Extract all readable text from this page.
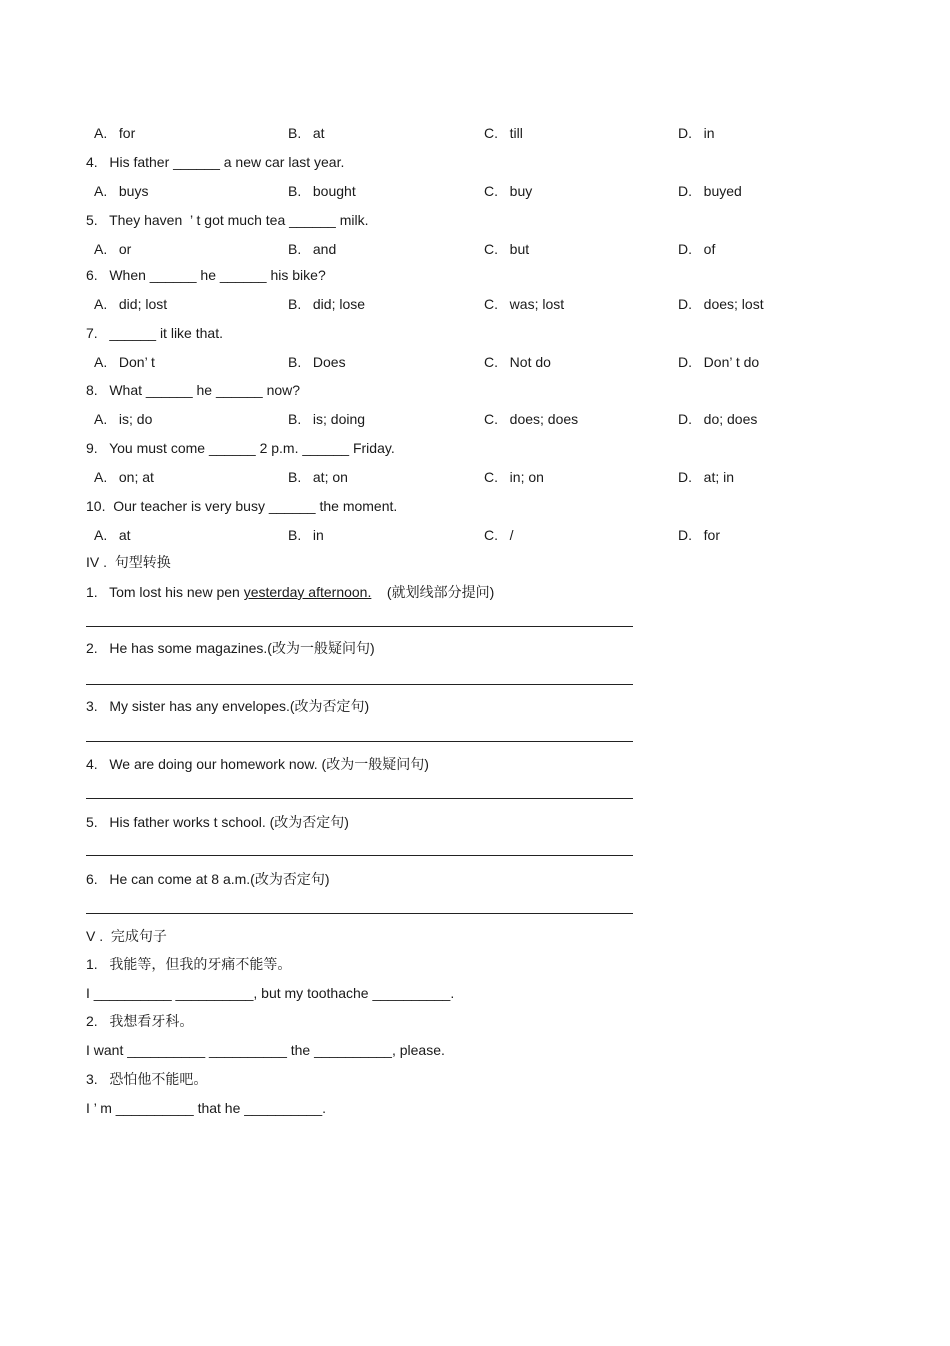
A.   for	B.   at	C.   till	D.   in
4.   His father ______ a new car last year.
A.   buys	B.   bought	C.   buy	D.   buyed
5.   They haven  ’ t got much tea ______ milk.
A.   or	B.   and	C.   but	D.   of
6.   When ______ he ______ his bike?
A.   did; lost	B.   did; lose	C.   was; lost	D.   does; lost
7.   ______ it like that.
A.   Don’ t	B.   Does	C.   Not do	D.   Don’ t do
8.   What ______ he ______ now?
A.   is; do	B.   is; doing	C.   does; does	D.   do; does
9.   You must come ______ 2 p.m. ______ Friday.
A.   on; at	B.   at; on	C.   in; on	D.   at; in
10.  Our teacher is very busy ______ the moment.
A.   at	B.   in	C.   /	D.   for
IV .  句型转换
1.   Tom lost his new pen yesterday afternoon.    (就划线部分提问)
2.   He has some magazines.(改为一般疑问句)
3.   My sister has any envelopes.(改为否定句)
4.   We are doing our homework now. (改为一般疑问句)
5.   His father works t school. (改为否定句)
6.   He can come at 8 a.m.(改为否定句)
V .  完成句子
1.   我能等，但我的牙痛不能等。
I __________ __________, but my toothache __________.
2.   我想看牙科。
I want __________ __________ the __________, please.
3.   恐怕他不能吧。
I ’ m __________ that he __________.
